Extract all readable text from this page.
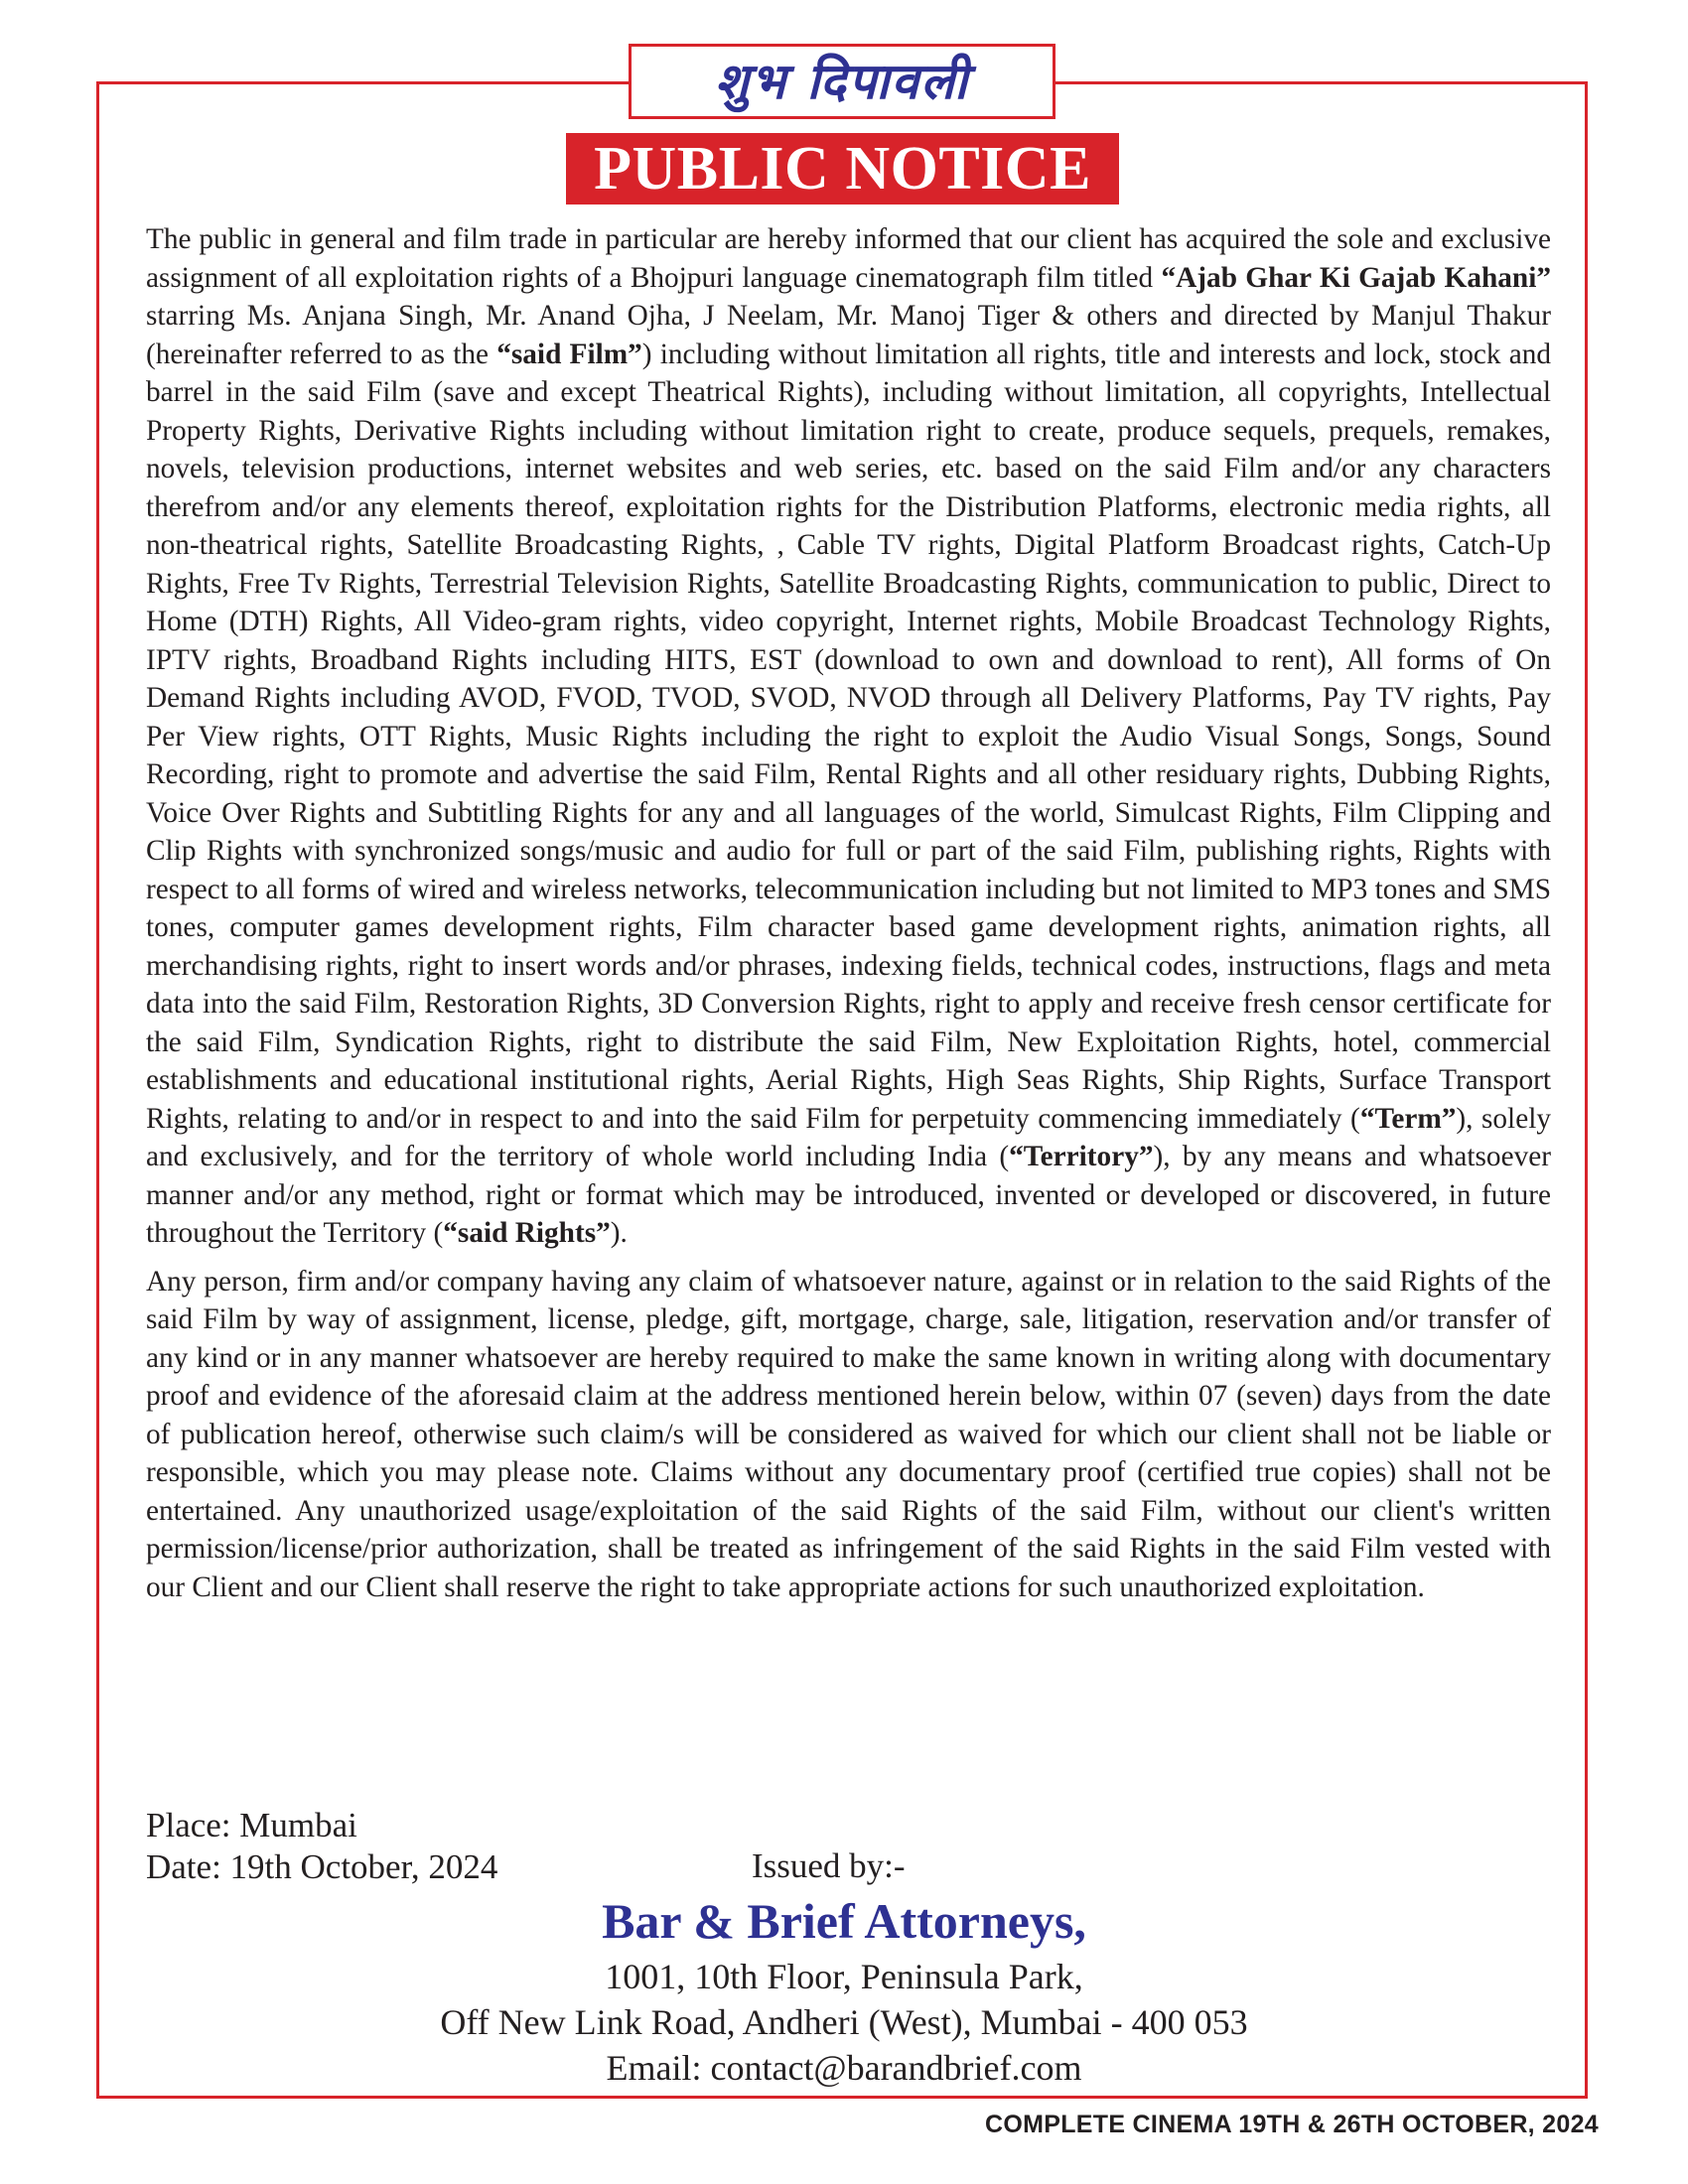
शुभ दिपावली
PUBLIC NOTICE

The public in general and film trade in particular are hereby informed that our client has acquired the sole and exclusive assignment of all exploitation rights of a Bhojpuri language cinematograph film titled “Ajab Ghar Ki Gajab Kahani” starring Ms. Anjana Singh, Mr. Anand Ojha, J Neelam, Mr. Manoj Tiger & others and directed by Manjul Thakur (hereinafter referred to as the “said Film”) including without limitation all rights, title and interests and lock, stock and barrel in the said Film (save and except Theatrical Rights), including without limitation, all copyrights, Intellectual Property Rights, Derivative Rights including without limitation right to create, produce sequels, prequels, remakes, novels, television productions, internet websites and web series, etc. based on the said Film and/or any characters therefrom and/or any elements thereof, exploitation rights for the Distribution Platforms, electronic media rights, all non-theatrical rights, Satellite Broadcasting Rights, , Cable TV rights, Digital Platform Broadcast rights, Catch-Up Rights, Free Tv Rights, Terrestrial Television Rights, Satellite Broadcasting Rights, communication to public, Direct to Home (DTH) Rights, All Video-gram rights, video copyright, Internet rights, Mobile Broadcast Technology Rights, IPTV rights, Broadband Rights including HITS, EST (download to own and download to rent), All forms of On Demand Rights including AVOD, FVOD, TVOD, SVOD, NVOD through all Delivery Platforms, Pay TV rights, Pay Per View rights, OTT Rights, Music Rights including the right to exploit the Audio Visual Songs, Songs, Sound Recording, right to promote and advertise the said Film, Rental Rights and all other residuary rights, Dubbing Rights, Voice Over Rights and Subtitling Rights for any and all languages of the world, Simulcast Rights, Film Clipping and Clip Rights with synchronized songs/music and audio for full or part of the said Film, publishing rights, Rights with respect to all forms of wired and wireless networks, telecommunication including but not limited to MP3 tones and SMS tones, computer games development rights, Film character based game development rights, animation rights, all merchandising rights, right to insert words and/or phrases, indexing fields, technical codes, instructions, flags and meta data into the said Film, Restoration Rights, 3D Conversion Rights, right to apply and receive fresh censor certificate for the said Film, Syndication Rights, right to distribute the said Film, New Exploitation Rights, hotel, commercial establishments and educational institutional rights, Aerial Rights, High Seas Rights, Ship Rights, Surface Transport Rights, relating to and/or in respect to and into the said Film for perpetuity commencing immediately (“Term”), solely and exclusively, and for the territory of whole world including India (“Territory”), by any means and whatsoever manner and/or any method, right or format which may be introduced, invented or developed or discovered, in future throughout the Territory (“said Rights”).

Any person, firm and/or company having any claim of whatsoever nature, against or in relation to the said Rights of the said Film by way of assignment, license, pledge, gift, mortgage, charge, sale, litigation, reservation and/or transfer of any kind or in any manner whatsoever are hereby required to make the same known in writing along with documentary proof and evidence of the aforesaid claim at the address mentioned herein below, within 07 (seven) days from the date of publication hereof, otherwise such claim/s will be considered as waived for which our client shall not be liable or responsible, which you may please note. Claims without any documentary proof (certified true copies) shall not be entertained. Any unauthorized usage/exploitation of the said Rights of the said Film, without our client's written permission/license/prior authorization, shall be treated as infringement of the said Rights in the said Film vested with our Client and our Client shall reserve the right to take appropriate actions for such unauthorized exploitation.

Place: Mumbai
Date: 19th October, 2024	Issued by:-
Bar & Brief Attorneys,
1001, 10th Floor, Peninsula Park,
Off New Link Road, Andheri (West), Mumbai - 400 053
Email: contact@barandbrief.com
COMPLETE CINEMA 19TH & 26TH OCTOBER, 2024
